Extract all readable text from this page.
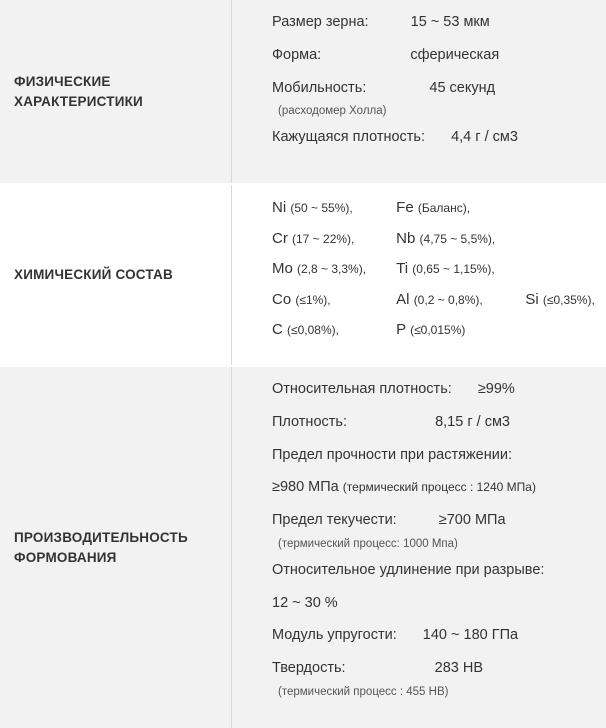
ФИЗИЧЕСКИЕ
ХАРАКТЕРИСТИКИ
Размер зерна:	15 ~ 53 мкм
Форма:	сферическая
Мобильность:	45 секунд
(расходомер Холла)
Кажущаяся плотность: 4,4 г / см3
ХИМИЧЕСКИЙ СОСТАВ
Ni (50 ~ 55%),	Fe (Баланс),
Cr (17 ~ 22%),	Nb (4,75 ~ 5,5%),
Mo (2,8 ~ 3,3%), Ti (0,65 ~ 1,15%),
Co (≤1%),	Al (0,2 ~ 0,8%),	Si (≤0,35%),
C (≤0,08%),	P (≤0,015%)
ПРОИЗВОДИТЕЛЬНОСТЬ
ФОРМОВАНИЯ
Относительная плотность: ≥99%
Плотность:	8,15 г / см3
Предел прочности при растяжении:
≥980 МПа (термический процесс : 1240 МПа)
Предел текучести:	≥700 МПа
(термический процесс: 1000 Мпа)
Относительное удлинение при разрыве:
12 ~ 30 %
Модуль упругости: 140 ~ 180 ГПа
Твердость:	283 HB
(термический процесс : 455 HB)
